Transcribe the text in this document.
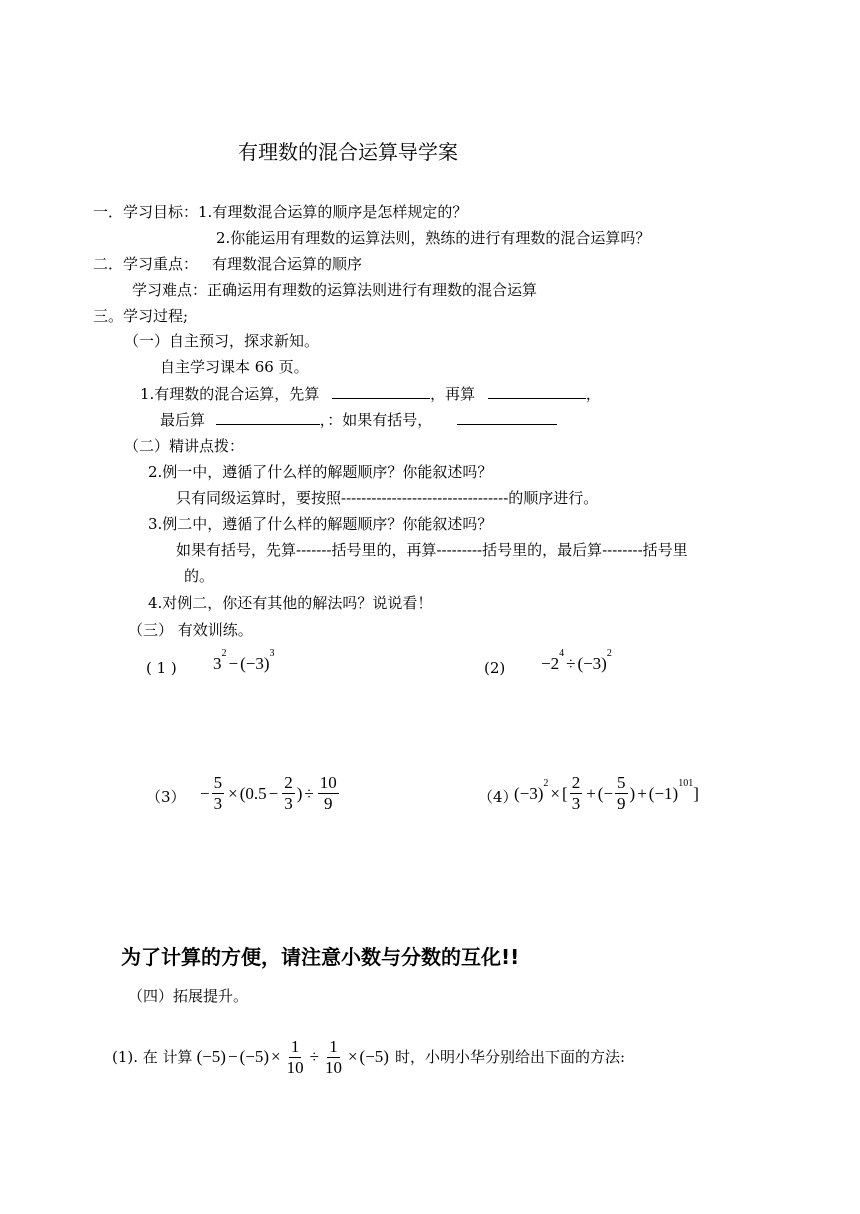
有理数的混合运算导学案
一．学习目标：1.有理数混合运算的顺序是怎样规定的？
2.你能运用有理数的运算法则，熟练的进行有理数的混合运算吗？
二．学习重点： 有理数混合运算的顺序
学习难点：正确运用有理数的运算法则进行有理数的混合运算
三。学习过程;
（一）自主预习，探求新知。
自主学习课本 66 页。
1.有理数的混合运算，先算	，再算	，
最后算	，：如果有括号，
（二）精讲点拨：
2.例一中，遵循了什么样的解题顺序？你能叙述吗？
只有同级运算时，要按照---------------------------------的顺序进行。
3.例二中，遵循了什么样的解题顺序？你能叙述吗？
如果有括号，先算-------括号里的，再算---------括号里的，最后算--------括号里
的。
4.对例二，你还有其他的解法吗？说说看！
（三） 有效训练。
( 1 ) $3^2$
− $(-3)^3$
$(2) -2^4$
÷ $(-3)^2$
$(3) - \frac{5}{3} \times (0.5 - \frac{2}{3}$ ) ÷ $\frac{10}{9}$	（4）
$(-3)^2$
× [ $\frac{2}{3}$ + (− $\frac{5}{9}$ ) + $(-1)^{101}$
]
为了计算的方便，请注意小数与分数的互化!!
（四）拓展提升。
(1). 在 计算 $(-5) - (-5) \times \frac{1}{10} \div \frac{1}{10} \times (-5)$ 时，小明小华分别给出下面的方法:
